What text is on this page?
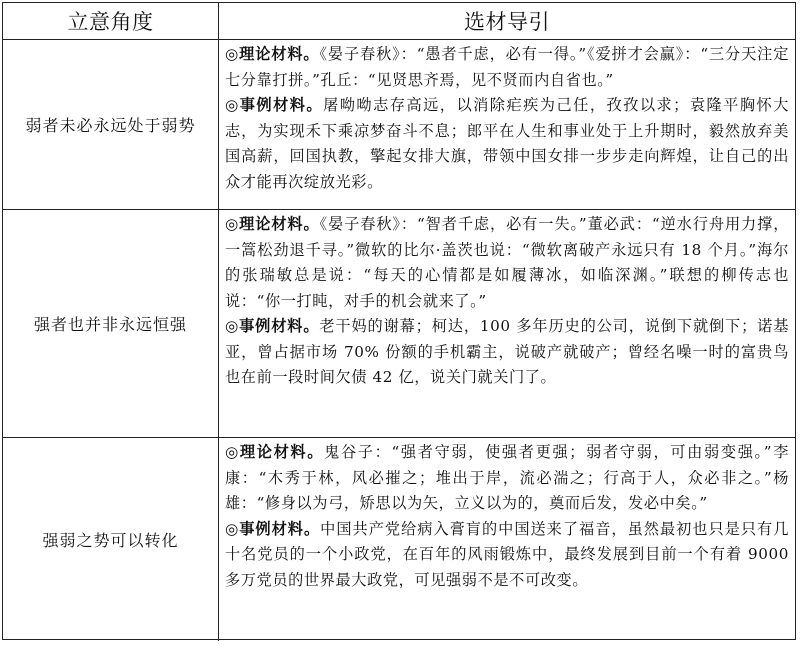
立意角度	选材导引
弱者未必永远处于弱势

◎理论材料。《晏子春秋》：“愚者千虑，必有一得。”《爱拼才会赢》：“三分天注定 七分靠打拼。”孔丘：“见贤思齐焉，见不贤而内自省也。”

◎事例材料。屠呦呦志存高远，以消除疟疾为己任，孜孜以求；袁隆平胸怀大志，为实现禾下乘凉梦奋斗不息；郎平在人生和事业处于上升期时，毅然放弃美国高薪，回国执教，擎起女排大旗，带领中国女排一步步走向辉煌，让自己的出众才能再次绽放光彩。

强者也并非永远恒强

◎理论材料。《晏子春秋》：“智者千虑，必有一失。”董必武：“逆水行舟用力撑，一篙松劲退千寻。”微软的比尔·盖茨也说：“微软离破产永远只有 18 个月。”海尔的张瑞敏总是说：“每天的心情都是如履薄冰，如临深渊。”联想的柳传志也说：“你一打盹，对手的机会就来了。”

◎事例材料。老干妈的谢幕；柯达，100 多年历史的公司，说倒下就倒下；诺基亚，曾占据市场 70% 份额的手机霸主，说破产就破产；曾经名噪一时的富贵鸟也在前一段时间欠债 42 亿，说关门就关门了。

强弱之势可以转化

◎理论材料。鬼谷子：“强者守弱，使强者更强；弱者守弱，可由弱变强。”李康：“木秀于林，风必摧之；堆出于岸，流必湍之；行高于人，众必非之。”杨雄：“修身以为弓，矫思以为矢，立义以为的，奠而后发，发必中矣。”

◎事例材料。中国共产党给病入膏肓的中国送来了福音，虽然最初也只是只有几十名党员的一个小政党，在百年的风雨锻炼中，最终发展到目前一个有着 9000 多万党员的世界最大政党，可见强弱不是不可改变。
